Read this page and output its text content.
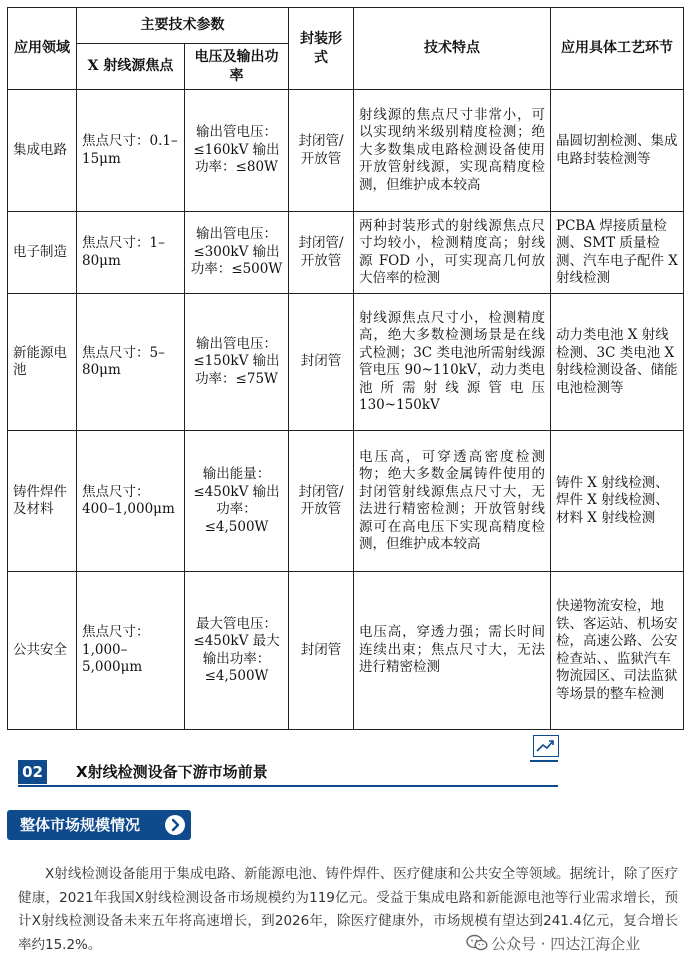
应用领域	主要技术参数		封装形式	技术特点	应用具体工艺环节
	X 射线源焦点	电压及输出功率			
集成电路	焦点尺寸：0.1–15μm	输出管电压：≤160kV 输出功率：≤80W	封闭管/开放管	射线源的焦点尺寸非常小，可以实现纳米级别精度检测；绝大多数集成电路检测设备使用开放管射线源，实现高精度检测，但维护成本较高	晶圆切割检测、集成电路封装检测等
电子制造	焦点尺寸：1–80μm	输出管电压：≤300kV 输出功率：≤500W	封闭管/开放管	两种封装形式的射线源焦点尺寸均较小，检测精度高；射线源 FOD 小，可实现高几何放大倍率的检测	PCBA 焊接质量检测、SMT 质量检测、汽车电子配件 X 射线检测
新能源电池	焦点尺寸：5–80μm	输出管电压：≤150kV 输出功率：≤75W	封闭管	射线源焦点尺寸小，检测精度高，绝大多数检测场景是在线式检测；3C 类电池所需射线源管电压 90~110kV，动力类电池所需射线源管电压130~150kV	动力类电池 X 射线检测、3C 类电池 X 射线检测设备、储能电池检测等
铸件焊件及材料	焦点尺寸：400–1,000μm	输出能量：≤450kV 输出功率：≤4,500W	封闭管/开放管	电压高，可穿透高密度检测物；绝大多数金属铸件使用的封闭管射线源焦点尺寸大，无法进行精密检测；开放管射线源可在高电压下实现高精度检测，但维护成本较高	铸件 X 射线检测、焊件 X 射线检测、材料 X 射线检测
公共安全	焦点尺寸：1,000–5,000μm	最大管电压：≤450kV 最大输出功率：≤4,500W	封闭管	电压高，穿透力强；需长时间连续出束；焦点尺寸大，无法进行精密检测	快递物流安检，地铁、客运站、机场安检，高速公路、公安检查站、、监狱汽车物流园区、司法监狱等场景的整车检测
02 X射线检测设备下游市场前景
整体市场规模情况

X射线检测设备能用于集成电路、新能源电池、铸件焊件、医疗健康和公共安全等领域。据统计，除了医疗健康，2021年我国X射线检测设备市场规模约为119亿元。受益于集成电路和新能源电池等行业需求增长，预计X射线检测设备未来五年将高速增长，到2026年，除医疗健康外，市场规模有望达到241.4亿元，复合增长率约15.2%。	公众号 · 四达江海企业
